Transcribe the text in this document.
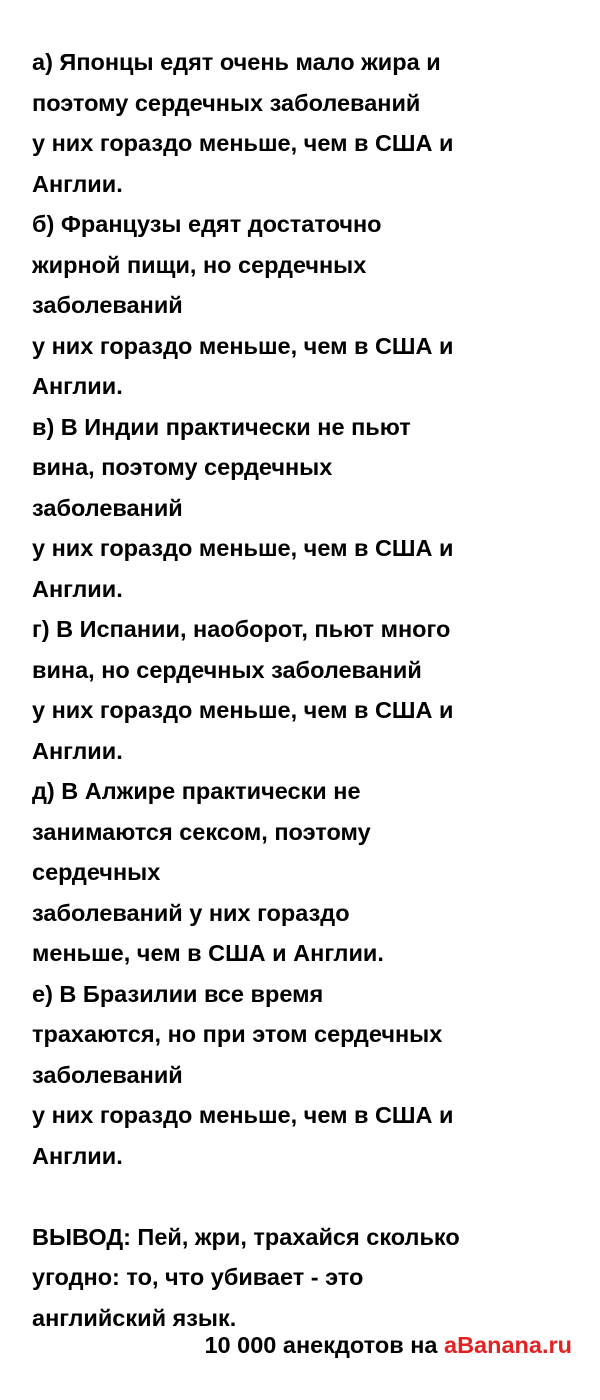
а) Японцы едят очень мало жира и
поэтому сердечных заболеваний
у них гораздо меньше, чем в США и
Англии.
б) Французы едят достаточно
жирной пищи, но сердечных
заболеваний
у них гораздо меньше, чем в США и
Англии.
в) В Индии практически не пьют
вина, поэтому сердечных
заболеваний
у них гораздо меньше, чем в США и
Англии.
г) В Испании, наоборот, пьют много
вина, но сердечных заболеваний
у них гораздо меньше, чем в США и
Англии.
д) В Алжире практически не
занимаются сексом, поэтому
сердечных
заболеваний у них гораздо
меньше, чем в США и Англии.
е) В Бразилии все время
трахаются, но при этом сердечных
заболеваний
у них гораздо меньше, чем в США и
Англии.
ВЫВОД: Пей, жри, трахайся сколько
угодно: то, что убивает - это
английский язык.
10 000 анекдотов на aBanana.ru
